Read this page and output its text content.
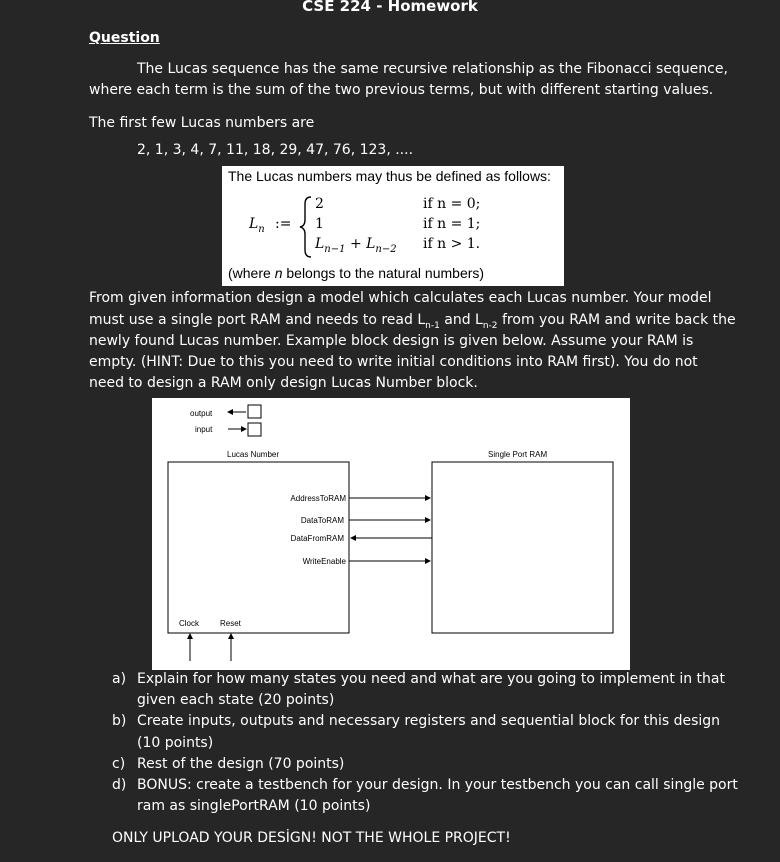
CSE 224 - Homework
Question
The Lucas sequence has the same recursive relationship as the Fibonacci sequence,
where each term is the sum of the two previous terms, but with different starting values.
The first few Lucas numbers are
2, 1, 3, 4, 7, 11, 18, 29, 47, 76, 123, ....
The Lucas numbers may thus be defined as follows:
$L_n$ :=
2
1
$L_{n-1} + L_{n-2}$
if n = 0;
if n = 1;
if n > 1.
(where n belongs to the natural numbers)
From given information design a model which calculates each Lucas number. Your model
must use a single port RAM and needs to read $L_{n-1}$ and $L_{n-2}$ from you RAM and write back the
newly found Lucas number. Example block design is given below. Assume your RAM is
empty. (HINT: Due to this you need to write initial conditions into RAM first). You do not
need to design a RAM only design Lucas Number block.
output
input
Lucas Number	Single Port RAM
AddressToRAM
DataToRAM
DataFromRAM
WriteEnable
Clock	Reset
a) Explain for how many states you need and what are you going to implement in that
given each state (20 points)
b) Create inputs, outputs and necessary registers and sequential block for this design
(10 points)
c) Rest of the design (70 points)
d) BONUS: create a testbench for your design. In your testbench you can call single port
ram as singlePortRAM (10 points)
ONLY UPLOAD YOUR DESİGN! NOT THE WHOLE PROJECT!
